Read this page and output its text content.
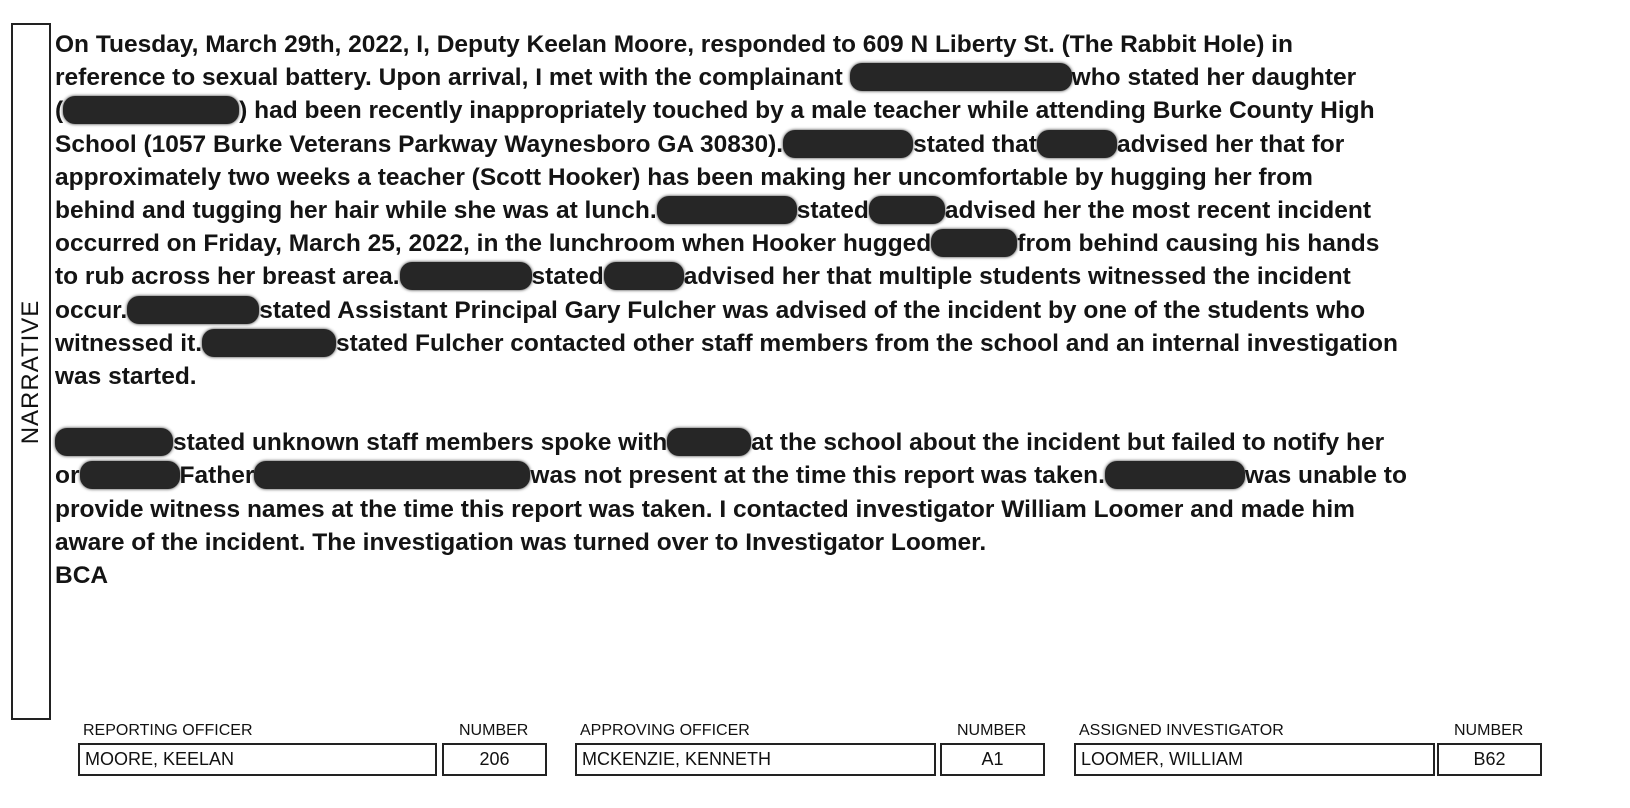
NARRATIVE
On Tuesday, March 29th, 2022, I, Deputy Keelan Moore, responded to 609 N Liberty St. (The Rabbit Hole) in
reference to sexual battery. Upon arrival, I met with the complainant	who stated her daughter
(	) had been recently inappropriately touched by a male teacher while attending Burke County High
School (1057 Burke Veterans Parkway Waynesboro GA 30830).	stated that	advised her that for
approximately two weeks a teacher (Scott Hooker) has been making her uncomfortable by hugging her from
behind and tugging her hair while she was at lunch.	stated	advised her the most recent incident
occurred on Friday, March 25, 2022, in the lunchroom when Hooker hugged	from behind causing his hands
to rub across her breast area.	stated	advised her that multiple students witnessed the incident
occur.	stated Assistant Principal Gary Fulcher was advised of the incident by one of the students who
witnessed it.	stated Fulcher contacted other staff members from the school and an internal investigation
was started.
stated unknown staff members spoke with	at the school about the incident but failed to notify her
or	Father	was not present at the time this report was taken.	was unable to
provide witness names at the time this report was taken. I contacted investigator William Loomer and made him
aware of the incident. The investigation was turned over to Investigator Loomer.
BCA
REPORTING OFFICER
MOORE, KEELAN
NUMBER
206
APPROVING OFFICER
MCKENZIE, KENNETH
NUMBER
A1
ASSIGNED INVESTIGATOR
LOOMER, WILLIAM
NUMBER
B62
